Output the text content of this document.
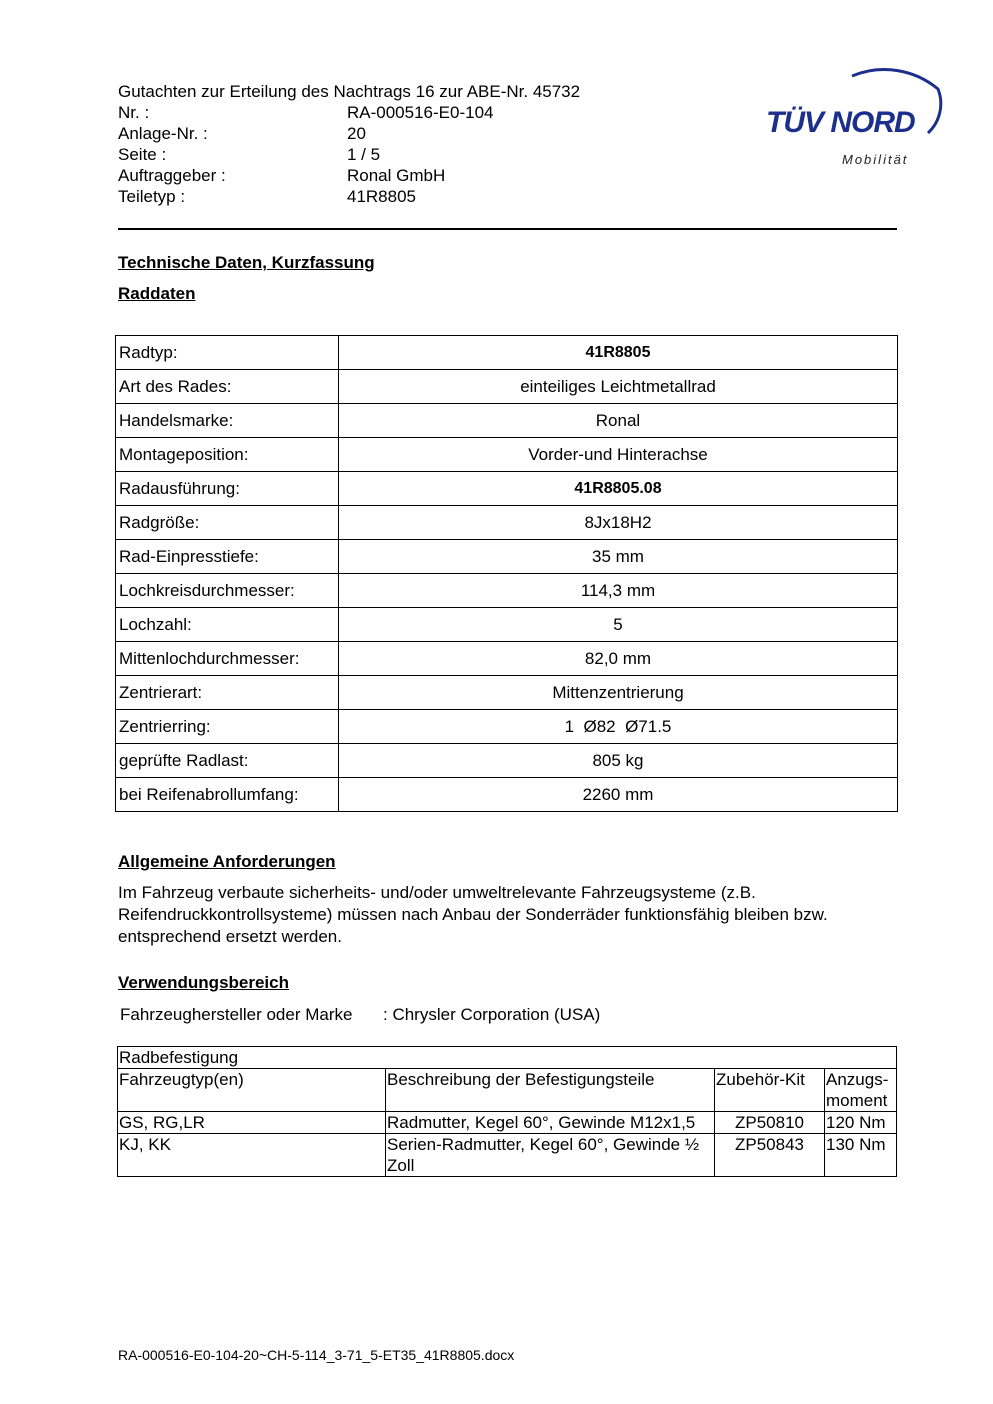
Gutachten zur Erteilung des Nachtrags 16 zur ABE-Nr. 45732
Nr. :	RA-000516-E0-104
Anlage-Nr. :	20
Seite :	1 / 5
Auftraggeber :	Ronal GmbH
Teiletyp :	41R8805
TÜV NORD
Mobilität
Technische Daten, Kurzfassung
Raddaten
Radtyp:	41R8805
Art des Rades:	einteiliges Leichtmetallrad
Handelsmarke:	Ronal
Montageposition:	Vorder-und Hinterachse
Radausführung:	41R8805.08
Radgröße:	8Jx18H2
Rad-Einpresstiefe:	35 mm
Lochkreisdurchmesser:	114,3 mm
Lochzahl:	5
Mittenlochdurchmesser:	82,0 mm
Zentrierart:	Mittenzentrierung
Zentrierring:	1  Ø82  Ø71.5
geprüfte Radlast:	805 kg
bei Reifenabrollumfang:	2260 mm
Allgemeine Anforderungen
Im Fahrzeug verbaute sicherheits- und/oder umweltrelevante Fahrzeugsysteme (z.B. Reifendruckkontrollsysteme) müssen nach Anbau der Sonderräder funktionsfähig bleiben bzw. entsprechend ersetzt werden.
Verwendungsbereich
Fahrzeughersteller oder Marke : Chrysler Corporation (USA)
Radbefestigung			
Fahrzeugtyp(en)	Beschreibung der Befestigungsteile	Zubehör-Kit	Anzugs-moment
GS, RG,LR	Radmutter, Kegel 60°, Gewinde M12x1,5	ZP50810	120 Nm
KJ, KK	Serien-Radmutter, Kegel 60°, Gewinde ½ Zoll	ZP50843	130 Nm
RA-000516-E0-104-20~CH-5-114_3-71_5-ET35_41R8805.docx
